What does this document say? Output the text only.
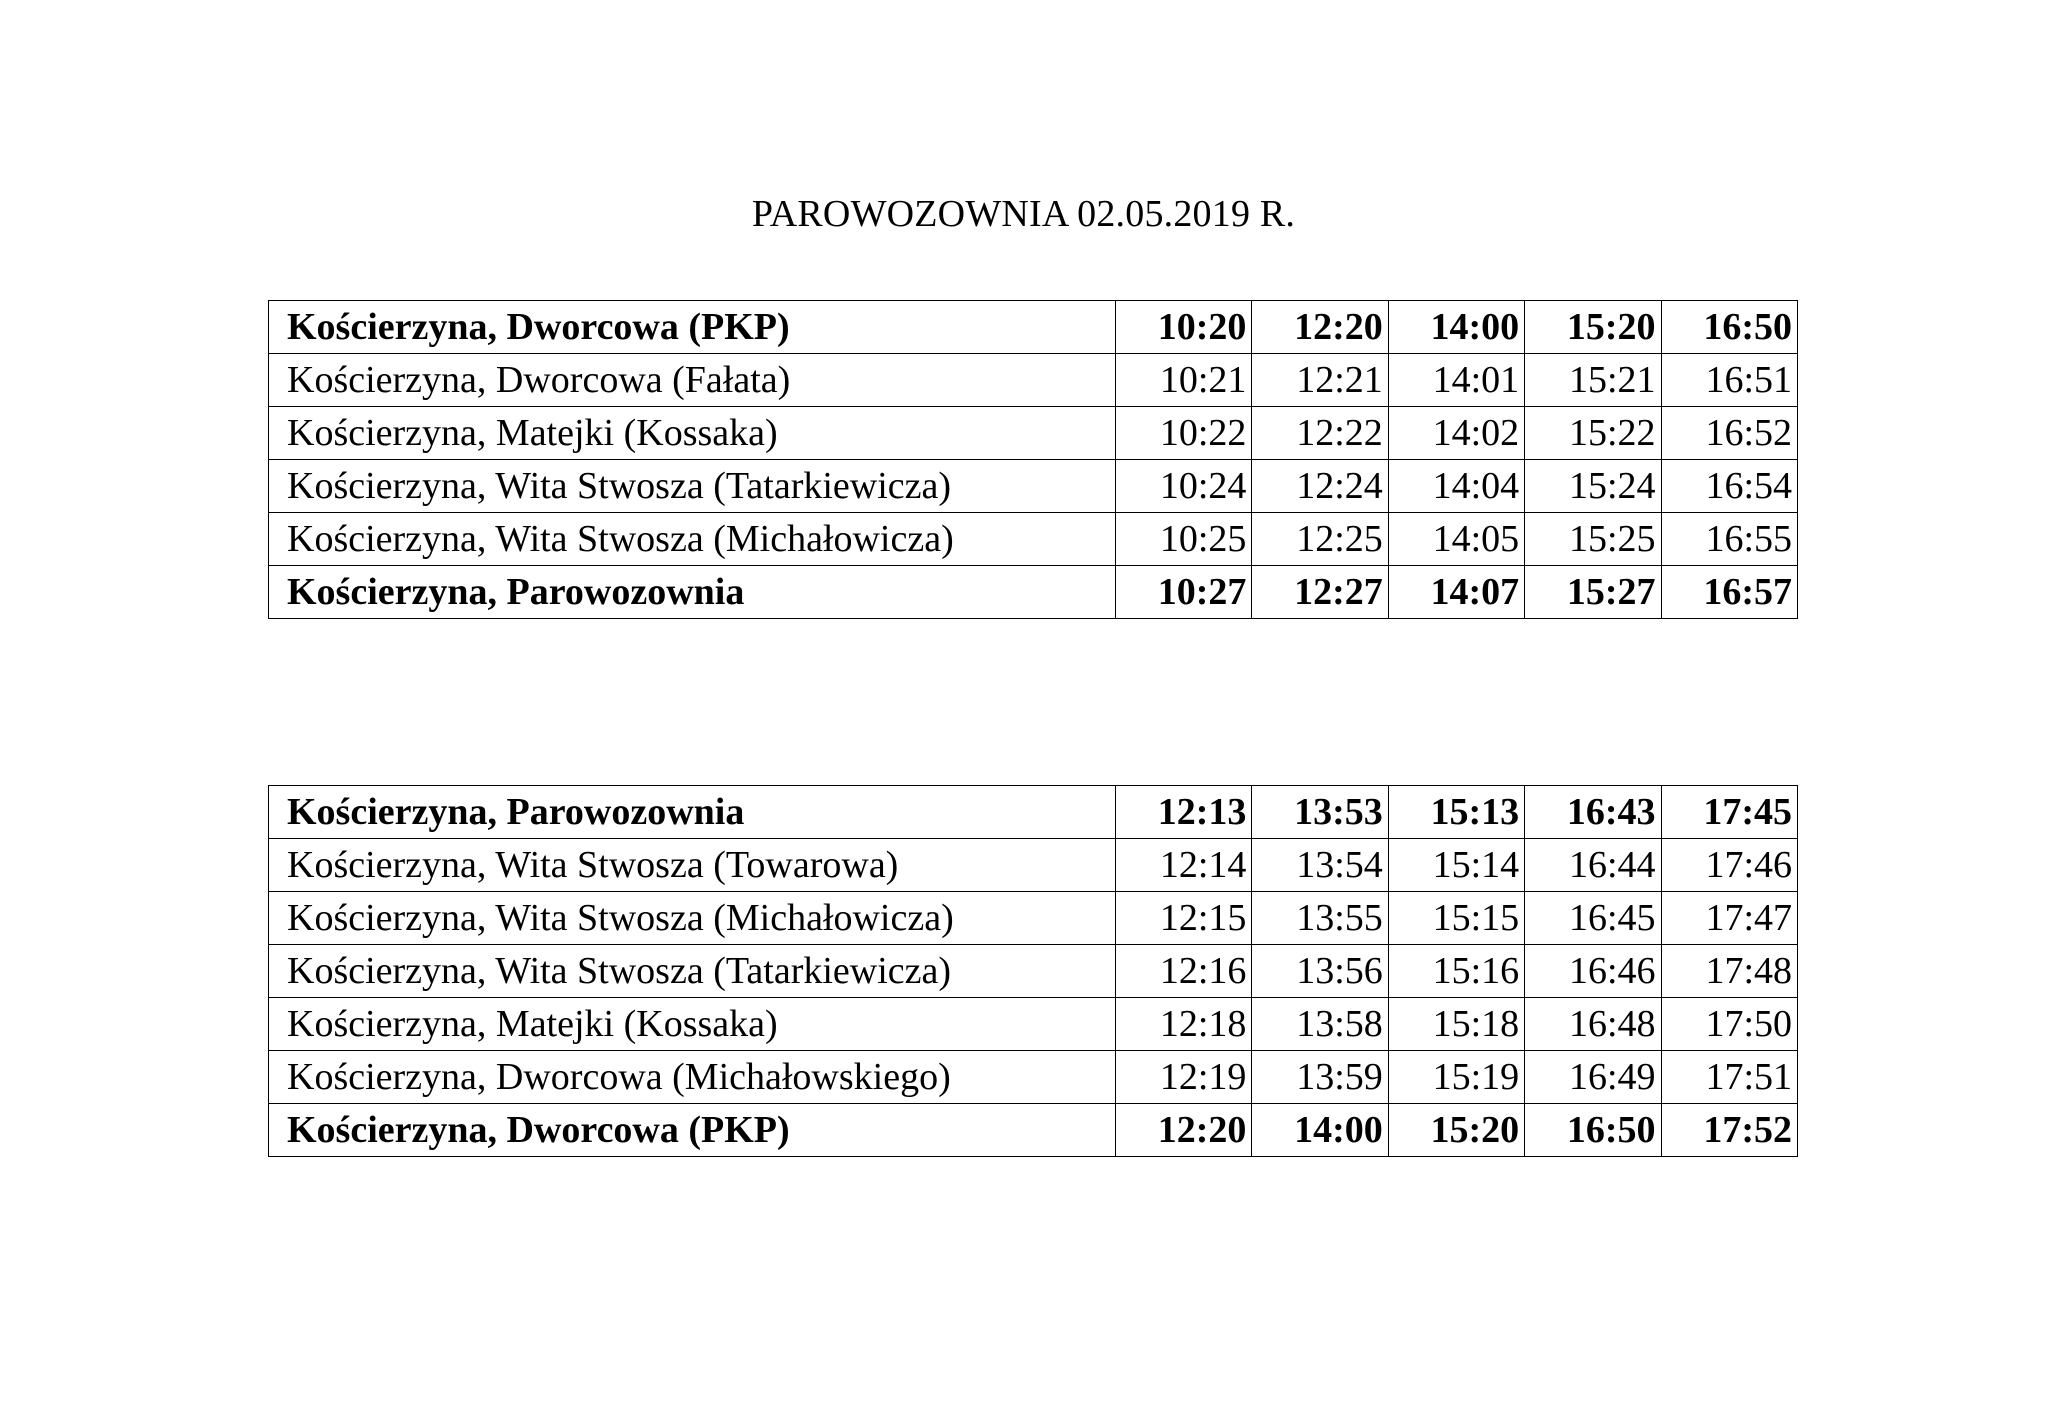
PAROWOZOWNIA 02.05.2019 R.
Kościerzyna, Dworcowa (PKP)	10:20	12:20	14:00	15:20	16:50
Kościerzyna, Dworcowa (Fałata)	10:21	12:21	14:01	15:21	16:51
Kościerzyna, Matejki (Kossaka)	10:22	12:22	14:02	15:22	16:52
Kościerzyna, Wita Stwosza (Tatarkiewicza)	10:24	12:24	14:04	15:24	16:54
Kościerzyna, Wita Stwosza (Michałowicza)	10:25	12:25	14:05	15:25	16:55
Kościerzyna, Parowozownia	10:27	12:27	14:07	15:27	16:57
Kościerzyna, Parowozownia	12:13	13:53	15:13	16:43	17:45
Kościerzyna, Wita Stwosza (Towarowa)	12:14	13:54	15:14	16:44	17:46
Kościerzyna, Wita Stwosza (Michałowicza)	12:15	13:55	15:15	16:45	17:47
Kościerzyna, Wita Stwosza (Tatarkiewicza)	12:16	13:56	15:16	16:46	17:48
Kościerzyna, Matejki (Kossaka)	12:18	13:58	15:18	16:48	17:50
Kościerzyna, Dworcowa (Michałowskiego)	12:19	13:59	15:19	16:49	17:51
Kościerzyna, Dworcowa (PKP)	12:20	14:00	15:20	16:50	17:52
